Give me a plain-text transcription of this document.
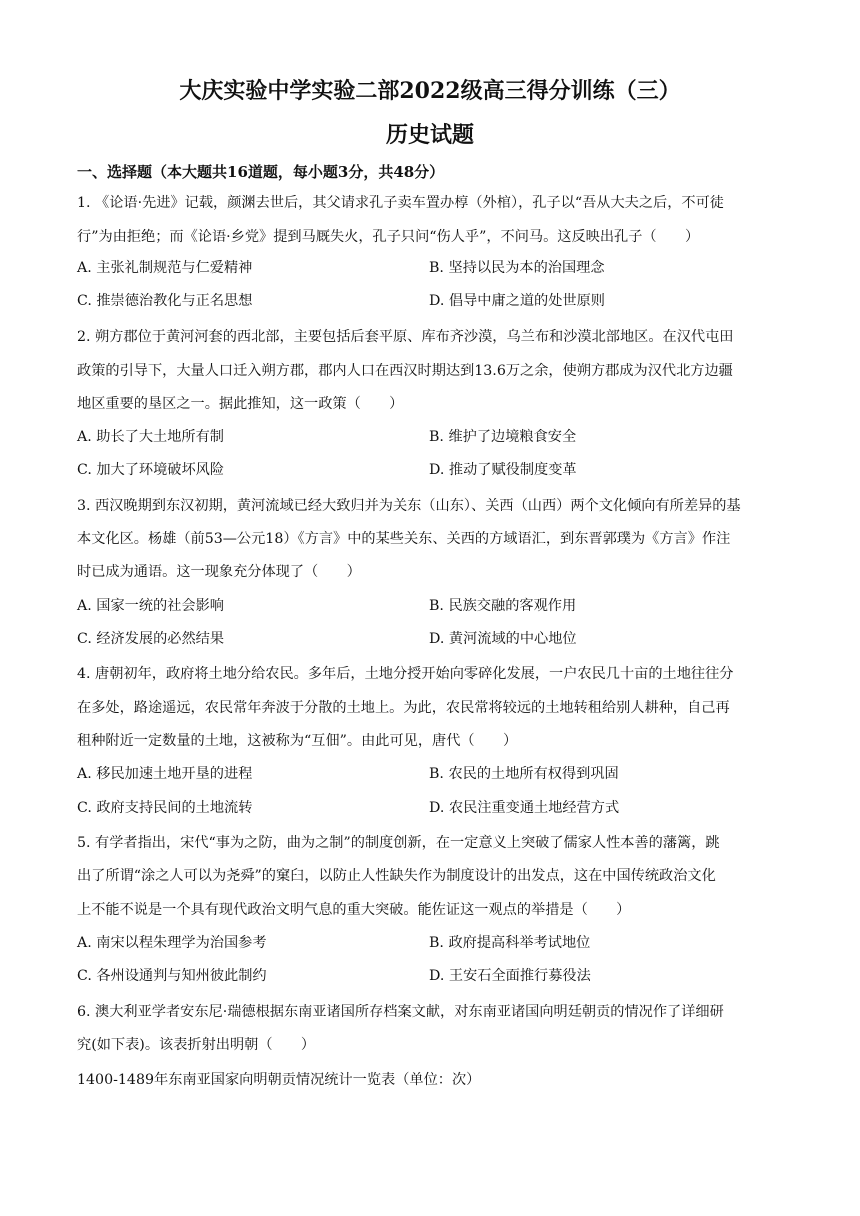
大庆实验中学实验二部2022级高三得分训练（三）
历史试题
一、选择题（本大题共16道题，每小题3分，共48分）
1. 《论语·先进》记载，颜渊去世后，其父请求孔子卖车置办椁（外棺），孔子以“吾从大夫之后，不可徒
行”为由拒绝；而《论语·乡党》提到马厩失火，孔子只问“伤人乎”，不问马。这反映出孔子（　　）
A. 主张礼制规范与仁爱精神	B. 坚持以民为本的治国理念
C. 推崇德治教化与正名思想	D. 倡导中庸之道的处世原则
2. 朔方郡位于黄河河套的西北部，主要包括后套平原、库布齐沙漠，乌兰布和沙漠北部地区。在汉代屯田
政策的引导下，大量人口迁入朔方郡，郡内人口在西汉时期达到13.6万之余，使朔方郡成为汉代北方边疆
地区重要的垦区之一。据此推知，这一政策（　　）
A. 助长了大土地所有制	B. 维护了边境粮食安全
C. 加大了环境破坏风险	D. 推动了赋役制度变革
3. 西汉晚期到东汉初期，黄河流域已经大致归并为关东（山东）、关西（山西）两个文化倾向有所差异的基
本文化区。杨雄（前53—公元18）《方言》中的某些关东、关西的方域语汇，到东晋郭璞为《方言》作注
时已成为通语。这一现象充分体现了（　　）
A. 国家一统的社会影响	B. 民族交融的客观作用
C. 经济发展的必然结果	D. 黄河流域的中心地位
4. 唐朝初年，政府将土地分给农民。多年后，土地分授开始向零碎化发展，一户农民几十亩的土地往往分
在多处，路途遥远，农民常年奔波于分散的土地上。为此，农民常将较远的土地转租给别人耕种，自己再
租种附近一定数量的土地，这被称为“互佃”。由此可见，唐代（　　）
A. 移民加速土地开垦的进程	B. 农民的土地所有权得到巩固
C. 政府支持民间的土地流转	D. 农民注重变通土地经营方式
5. 有学者指出，宋代“事为之防，曲为之制”的制度创新，在一定意义上突破了儒家人性本善的藩篱，跳
出了所谓“涂之人可以为尧舜”的窠臼，以防止人性缺失作为制度设计的出发点，这在中国传统政治文化
上不能不说是一个具有现代政治文明气息的重大突破。能佐证这一观点的举措是（　　）
A. 南宋以程朱理学为治国参考	B. 政府提高科举考试地位
C. 各州设通判与知州彼此制约	D. 王安石全面推行募役法
6. 澳大利亚学者安东尼·瑞德根据东南亚诸国所存档案文献，对东南亚诸国向明廷朝贡的情况作了详细研
究(如下表)。该表折射出明朝（　　）
1400-1489年东南亚国家向明朝贡情况统计一览表（单位：次）
